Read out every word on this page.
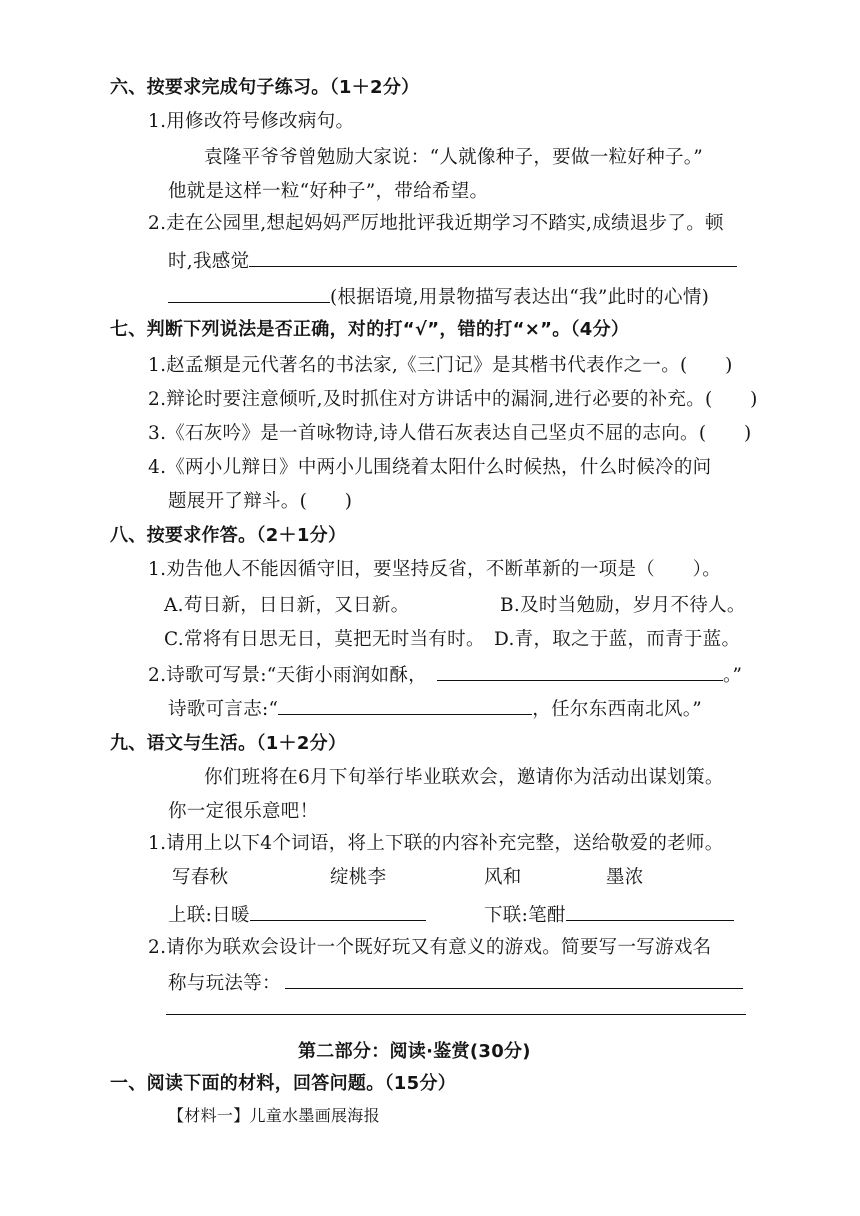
六、按要求完成句子练习。（1＋2分）
1.用修改符号修改病句。
袁隆平爷爷曾勉励大家说：“人就像种子，要做一粒好种子。”
他就是这样一粒“好种子”，带给希望。
2.走在公园里,想起妈妈严厉地批评我近期学习不踏实,成绩退步了。顿
时,我感觉
(根据语境,用景物描写表达出“我”此时的心情)
七、判断下列说法是否正确，对的打“√”，错的打“×”。（4分）
1.赵孟頫是元代著名的书法家,《三门记》是其楷书代表作之一。(　　)
2.辩论时要注意倾听,及时抓住对方讲话中的漏洞,进行必要的补充。(　　)
3.《石灰吟》是一首咏物诗,诗人借石灰表达自己坚贞不屈的志向。(　　)
4.《两小儿辩日》中两小儿围绕着太阳什么时候热，什么时候冷的问
题展开了辩斗。(　　)
八、按要求作答。（2＋1分）
1.劝告他人不能因循守旧，要坚持反省，不断革新的一项是（　　）。
A.苟日新，日日新，又日新。	B.及时当勉励，岁月不待人。
C.常将有日思无日，莫把无时当有时。 D.青，取之于蓝，而青于蓝。
2.诗歌可写景:“天街小雨润如酥，	。”
诗歌可言志:“	，任尔东西南北风。”
九、语文与生活。（1＋2分）
你们班将在6月下旬举行毕业联欢会，邀请你为活动出谋划策。
你一定很乐意吧！
1.请用上以下4个词语，将上下联的内容补充完整，送给敬爱的老师。
写春秋	绽桃李	风和	墨浓
上联:日暖	下联:笔酣
2.请你为联欢会设计一个既好玩又有意义的游戏。简要写一写游戏名
称与玩法等：
第二部分：阅读·鉴赏(30分)
一、阅读下面的材料，回答问题。（15分）
【材料一】儿童水墨画展海报
